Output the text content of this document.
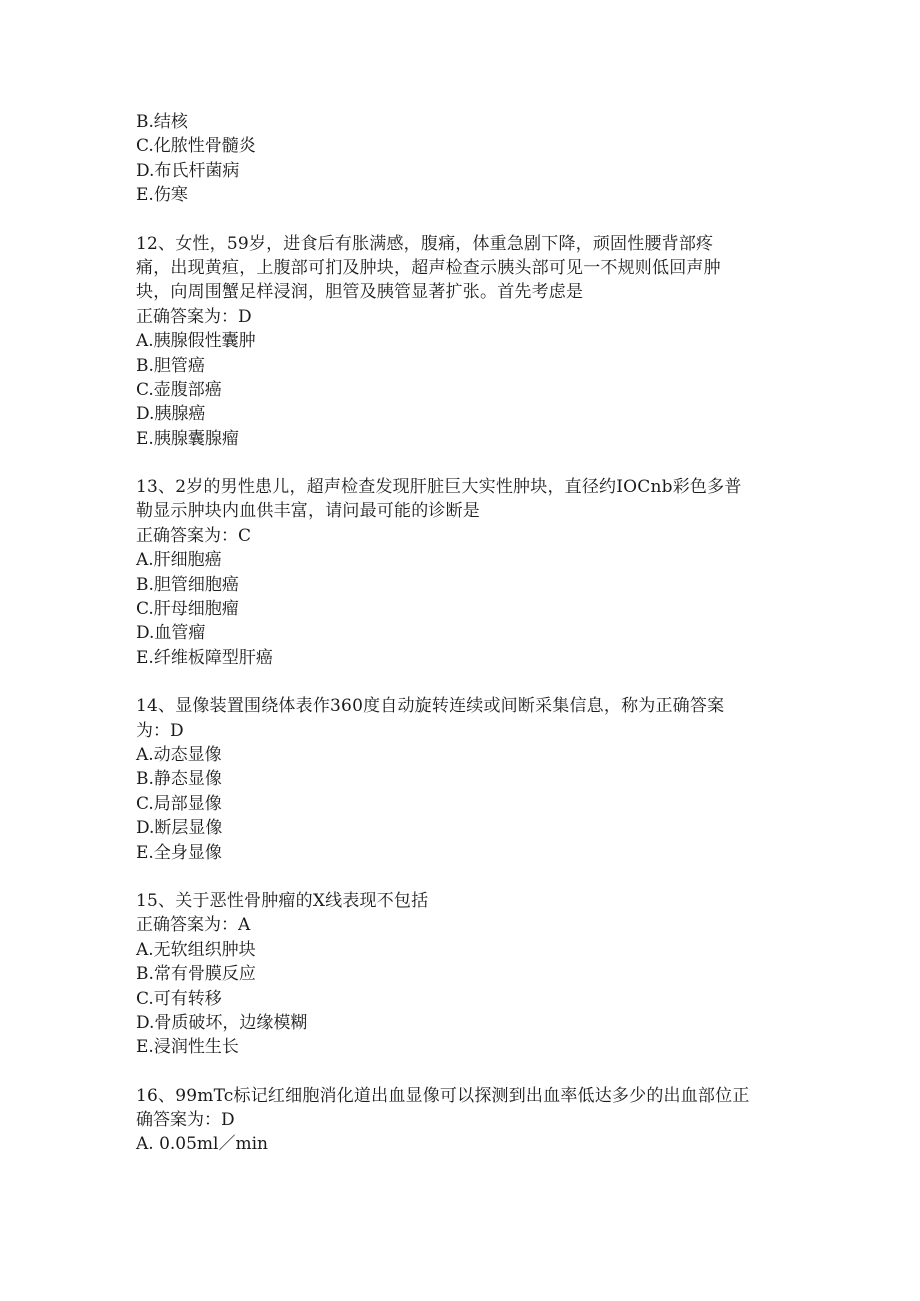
B.结核
C.化脓性骨髓炎
D.布氏杆菌病
E.伤寒
12、女性，59岁，进食后有胀满感，腹痛，体重急剧下降，顽固性腰背部疼
痛，出现黄疸，上腹部可扪及肿块，超声检查示胰头部可见一不规则低回声肿
块，向周围蟹足样浸润，胆管及胰管显著扩张。首先考虑是
正确答案为：D
A.胰腺假性囊肿
B.胆管癌
C.壶腹部癌
D.胰腺癌
E.胰腺囊腺瘤
13、2岁的男性患儿，超声检查发现肝脏巨大实性肿块，直径约IOCnb彩色多普
勒显示肿块内血供丰富，请问最可能的诊断是
正确答案为：C
A.肝细胞癌
B.胆管细胞癌
C.肝母细胞瘤
D.血管瘤
E.纤维板障型肝癌
14、显像装置围绕体表作360度自动旋转连续或间断采集信息，称为正确答案
为：D
A.动态显像
B.静态显像
C.局部显像
D.断层显像
E.全身显像
15、关于恶性骨肿瘤的X线表现不包括
正确答案为：A
A.无软组织肿块
B.常有骨膜反应
C.可有转移
D.骨质破坏，边缘模糊
E.浸润性生长
16、99mTc标记红细胞消化道出血显像可以探测到出血率低达多少的出血部位正
确答案为：D
A. 0.05ml／min
